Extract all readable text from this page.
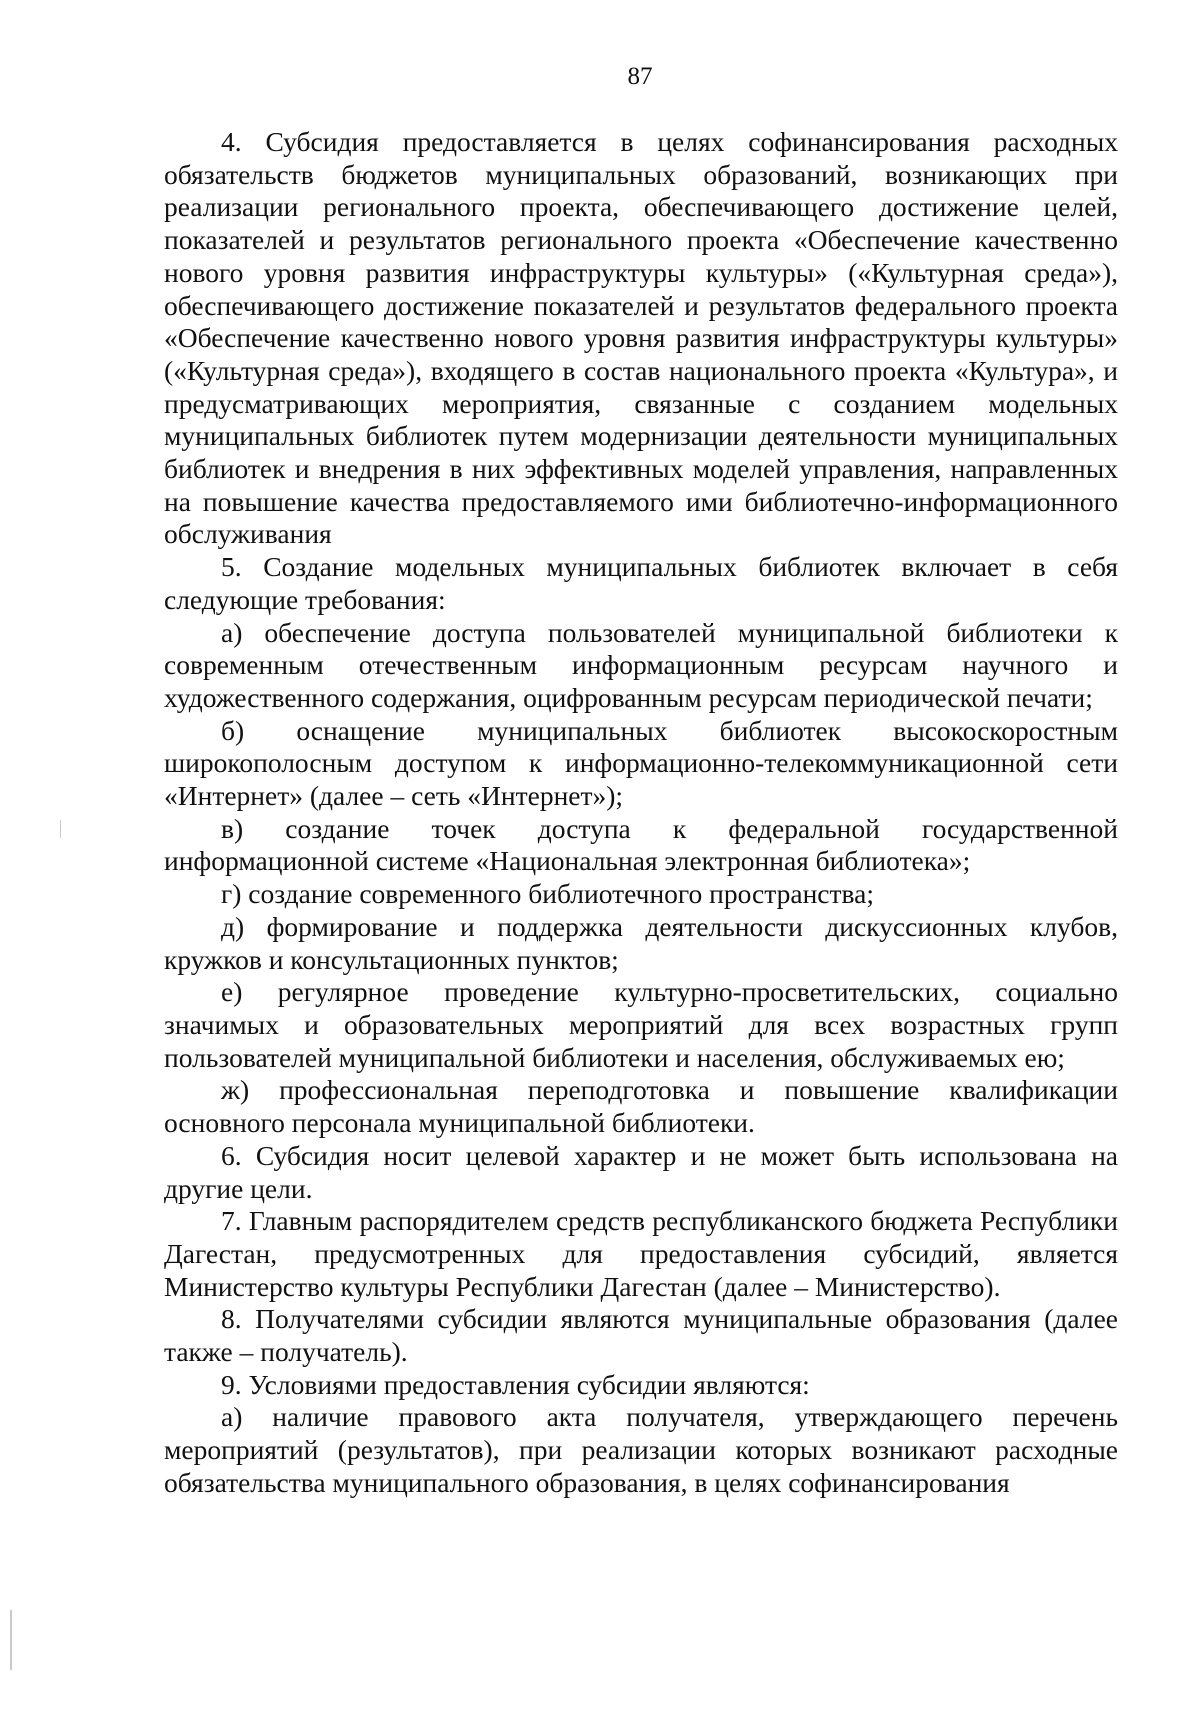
87

4. Субсидия предоставляется в целях софинансирования расходных обязательств бюджетов муниципальных образований, возникающих при реализации регионального проекта, обеспечивающего достижение целей, показателей и результатов регионального проекта «Обеспечение качественно нового уровня развития инфраструктуры культуры» («Культурная среда»), обеспечивающего достижение показателей и результатов федерального проекта «Обеспечение качественно нового уровня развития инфраструктуры культуры» («Культурная среда»), входящего в состав национального проекта «Культура», и предусматривающих мероприятия, связанные с созданием модельных муниципальных библиотек путем модернизации деятельности муниципальных библиотек и внедрения в них эффективных моделей управления, направленных на повышение качества предоставляемого ими библиотечно-информационного обслуживания

5. Создание модельных муниципальных библиотек включает в себя следующие требования:

а) обеспечение доступа пользователей муниципальной библиотеки к современным отечественным информационным ресурсам научного и художественного содержания, оцифрованным ресурсам периодической печати;

б) оснащение муниципальных библиотек высокоскоростным широкополосным доступом к информационно-телекоммуникационной сети «Интернет» (далее – сеть «Интернет»);

в) создание точек доступа к федеральной государственной информационной системе «Национальная электронная библиотека»;

г) создание современного библиотечного пространства;

д) формирование и поддержка деятельности дискуссионных клубов, кружков и консультационных пунктов;

е) регулярное проведение культурно-просветительских, социально значимых и образовательных мероприятий для всех возрастных групп пользователей муниципальной библиотеки и населения, обслуживаемых ею;

ж) профессиональная переподготовка и повышение квалификации основного персонала муниципальной библиотеки.

6. Субсидия носит целевой характер и не может быть использована на другие цели.

7. Главным распорядителем средств республиканского бюджета Республики Дагестан, предусмотренных для предоставления субсидий, является Министерство культуры Республики Дагестан (далее – Министерство).

8. Получателями субсидии являются муниципальные образования (далее также – получатель).

9. Условиями предоставления субсидии являются:

а) наличие правового акта получателя, утверждающего перечень мероприятий (результатов), при реализации которых возникают расходные обязательства муниципального образования, в целях софинансирования
